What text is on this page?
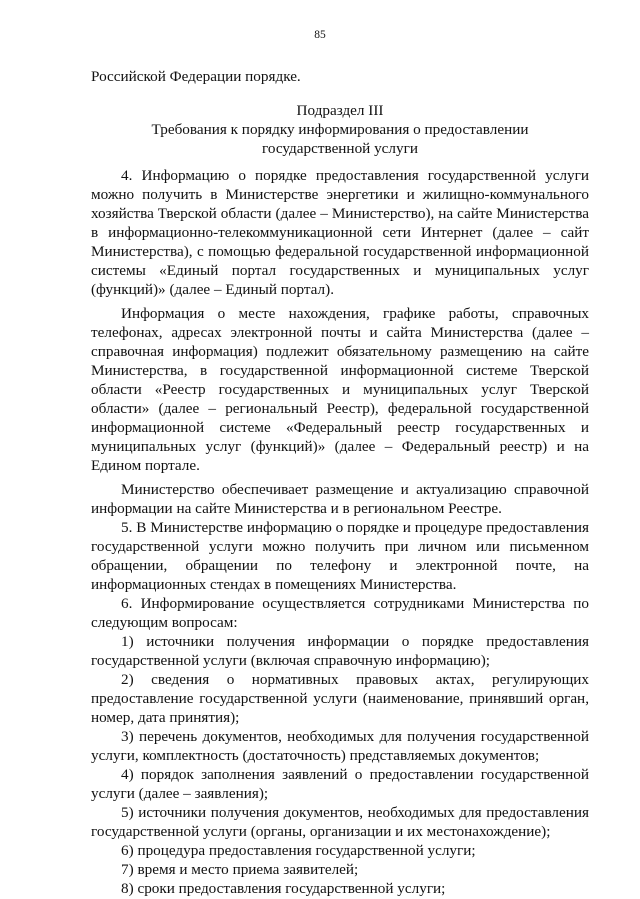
85
Российской Федерации порядке.
Подраздел III
Требования к порядку информирования о предоставлении
государственной услуги

4. Информацию о порядке предоставления государственной услуги можно получить в Министерстве энергетики и жилищно-коммунального хозяйства Тверской области (далее – Министерство), на сайте Министерства в информационно-телекоммуникационной сети Интернет (далее – сайт Министерства), с помощью федеральной государственной информационной системы «Единый портал государственных и муниципальных услуг (функций)» (далее – Единый портал).

Информация о месте нахождения, графике работы, справочных телефонах, адресах электронной почты и сайта Министерства (далее – справочная информация) подлежит обязательному размещению на сайте Министерства, в государственной информационной системе Тверской области «Реестр государственных и муниципальных услуг Тверской области» (далее – региональный Реестр), федеральной государственной информационной системе «Федеральный реестр государственных и муниципальных услуг (функций)» (далее – Федеральный реестр) и на Едином портале.

Министерство обеспечивает размещение и актуализацию справочной информации на сайте Министерства и в региональном Реестре.

5. В Министерстве информацию о порядке и процедуре предоставления государственной услуги можно получить при личном или письменном обращении, обращении по телефону и электронной почте, на информационных стендах в помещениях Министерства.

6. Информирование осуществляется сотрудниками Министерства по следующим вопросам:

1) источники получения информации о порядке предоставления государственной услуги (включая справочную информацию);

2) сведения о нормативных правовых актах, регулирующих предоставление государственной услуги (наименование, принявший орган, номер, дата принятия);

3) перечень документов, необходимых для получения государственной услуги, комплектность (достаточность) представляемых документов;

4) порядок заполнения заявлений о предоставлении государственной услуги (далее – заявления);

5) источники получения документов, необходимых для предоставления государственной услуги (органы, организации и их местонахождение);

6) процедура предоставления государственной услуги;

7) время и место приема заявителей;

8) сроки предоставления государственной услуги;
